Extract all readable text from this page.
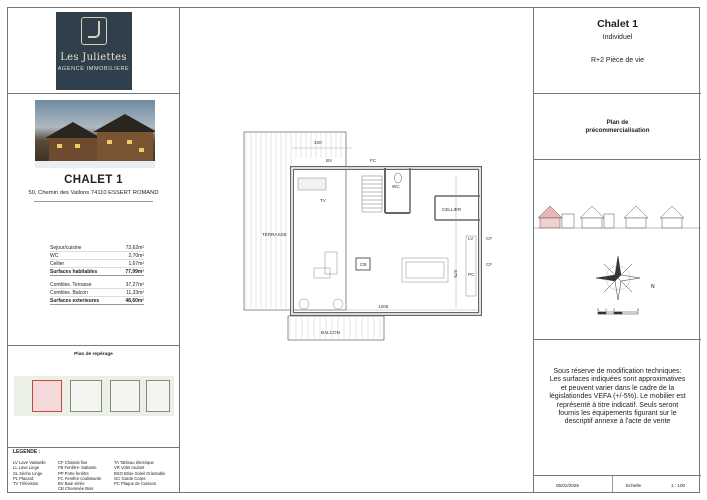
Les Juliettes
AGENCE IMMOBILIERE
CHALET 1
50, Chemin des Vallons 74110 ESSERT ROMAND
Sejour/cuisine	73,62m²
WC	2,70m²
Cellier	1,67m²
Surfaces habitables	77,99m²
Combles. Terrasse	37,27m²
Combles. Balcon	11,33m²
Surfaces exterieures	48,60m²
Plan de repérage
LEGENDE :
LV Lave Vaisselle
LL Lave Linge
SL Sèche Linge
PL Placard
TV Télévision
CF Chassis fixe
FB Fenêtre- battante
PP Porte fenêtre
FC Fenêtre coulissante
BV Baie vitrée
CB Cheminée Bois
TA Tableau électrique
VR Volet roulant
BSO Brise Soleil Orientable
GC Garde Corps
PC Plaque de Cuisson
TERRASSE
BALCON
WC
CELLIER
TV
CB
LV
PC
CF
CF
BV	FC
420
1208
575
Chalet 1
Individuel
R+2 Pièce de vie
Plan de
précommercialisation
N
0 1 2	5
Sous réserve de modification techniques: Les surfaces indiquées sont approximatives et peuvent varier dans le cadre de la législationdes VEFA (+/-5%). Le mobilier est représenté à titre indicatif. Seuls seront fournis les équipements figurant sur le descriptif annexe à l'acte de vente
05/02/2025	Echelle	1 : 100
